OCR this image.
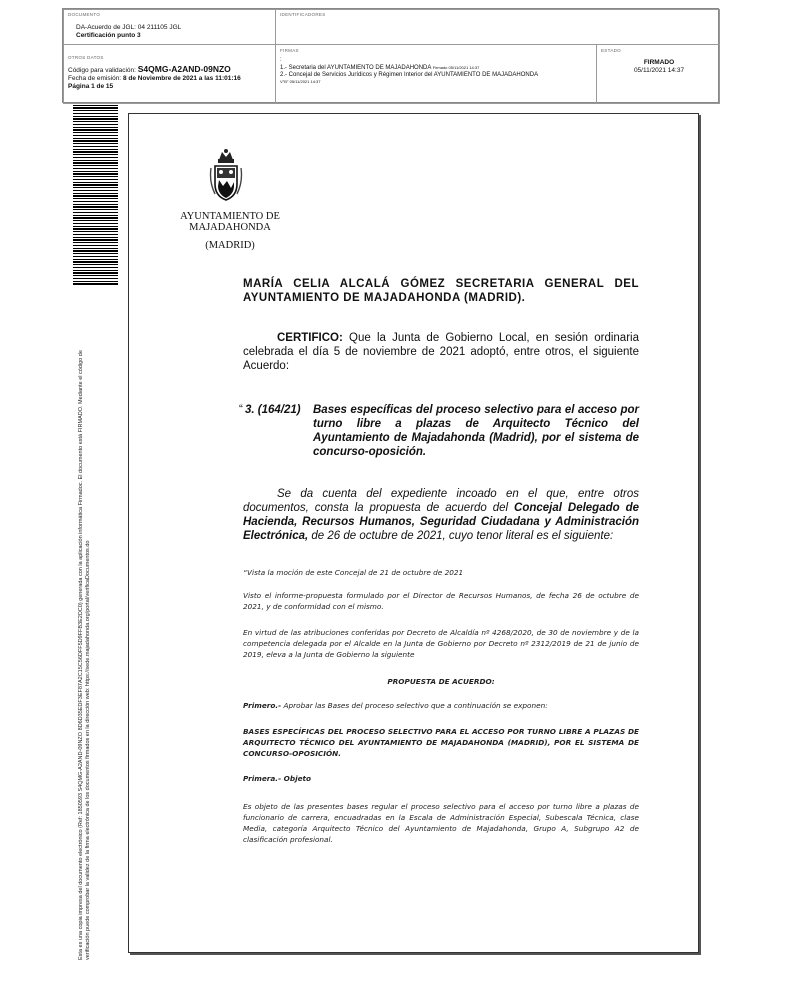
DOCUMENTO
DA-Acuerdo de JGL: 04 211105 JGL
Certificación punto 3
IDENTIFICADORES
OTROS DATOS
Código para validación: S4QMG-A2AND-09NZO
Fecha de emisión: 8 de Noviembre de 2021 a las 11:01:16
Página 1 de 15
FIRMAS
:
1.- Secretaria del AYUNTAMIENTO DE MAJADAHONDA Firmado 05/11/2021 14:37
2.- Concejal de Servicios Jurídicos y Régimen Interior del AYUNTAMIENTO DE MAJADAHONDA
V°B° 05/11/2021 14:37
ESTADO
FIRMADO
05/11/2021 14:37
Esta es una copia impresa del documento electrónico (Ref: 1850593 S4QMG-A2AND-09NZO 8D6D35EDF3EF87A2C15C56DFF5D9FFB3E2DC0) generada con la aplicación informática Firmadoc. El documento está FIRMADO. Mediante el código de verificación puede comprobar la validez de la firma electrónica de los documentos firmados en la dirección web: https://sede.majadahonda.org/portal/verificaDocumentos.do
AYUNTAMIENTO DE
MAJADAHONDA
(MADRID)
MARÍA CELIA ALCALÁ GÓMEZ SECRETARIA GENERAL DEL AYUNTAMIENTO DE MAJADAHONDA (MADRID).
CERTIFICO: Que la Junta de Gobierno Local, en sesión ordinaria celebrada el día 5 de noviembre de 2021 adoptó, entre otros, el siguiente Acuerdo:
“ 3. (164/21) Bases específicas del proceso selectivo para el acceso por turno libre a plazas de Arquitecto Técnico del Ayuntamiento de Majadahonda (Madrid), por el sistema de concurso-oposición.
Se da cuenta del expediente incoado en el que, entre otros documentos, consta la propuesta de acuerdo del Concejal Delegado de Hacienda, Recursos Humanos, Seguridad Ciudadana y Administración Electrónica, de 26 de octubre de 2021, cuyo tenor literal es el siguiente:
“Vista la moción de este Concejal de 21 de octubre de 2021
Visto el informe-propuesta formulado por el Director de Recursos Humanos, de fecha 26 de octubre de 2021, y de conformidad con el mismo.
En virtud de las atribuciones conferidas por Decreto de Alcaldía nº 4268/2020, de 30 de noviembre y de la competencia delegada por el Alcalde en la Junta de Gobierno por Decreto nº 2312/2019 de 21 de junio de 2019, eleva a la Junta de Gobierno la siguiente
PROPUESTA DE ACUERDO:
Primero.- Aprobar las Bases del proceso selectivo que a continuación se exponen:
BASES ESPECÍFICAS DEL PROCESO SELECTIVO PARA EL ACCESO POR TURNO LIBRE A PLAZAS DE ARQUITECTO TÉCNICO DEL AYUNTAMIENTO DE MAJADAHONDA (MADRID), POR EL SISTEMA DE CONCURSO-OPOSICIÓN.
Primera.- Objeto
Es objeto de las presentes bases regular el proceso selectivo para el acceso por turno libre a plazas de funcionario de carrera, encuadradas en la Escala de Administración Especial, Subescala Técnica, clase Media, categoría Arquitecto Técnico del Ayuntamiento de Majadahonda, Grupo A, Subgrupo A2 de clasificación profesional.
